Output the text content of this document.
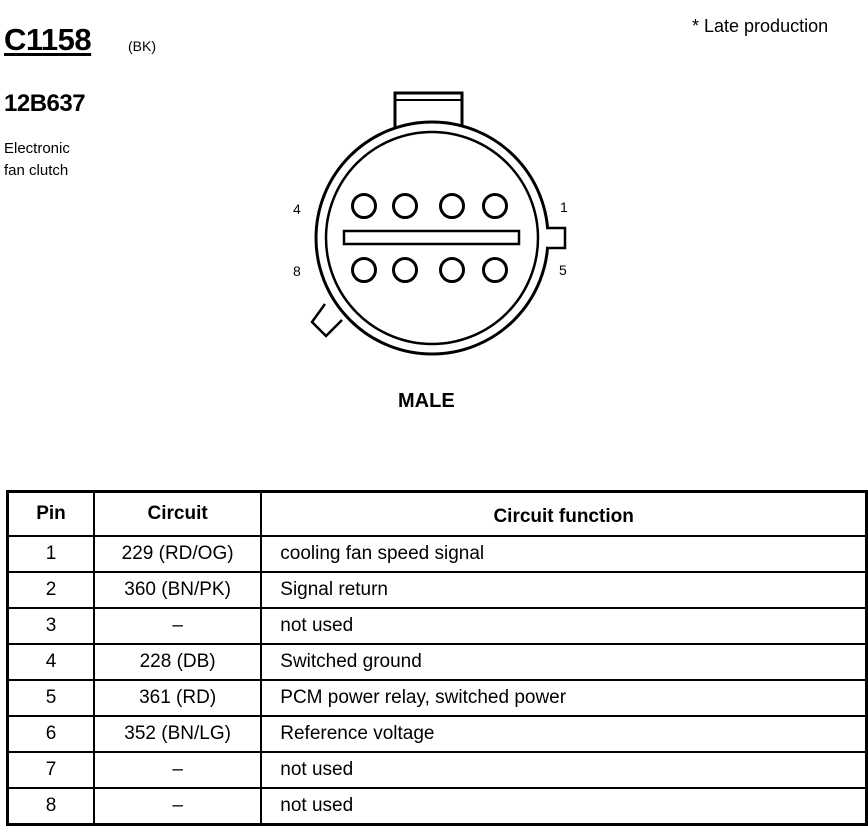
C1158	(BK)
* Late production
12B637
Electronic
fan clutch
4	1
8	5
MALE
Pin	Circuit	Circuit function
1	229 (RD/OG)	cooling fan speed signal
2	360 (BN/PK)	Signal return
3	–	not used
4	228 (DB)	Switched ground
5	361 (RD)	PCM power relay, switched power
6	352 (BN/LG)	Reference voltage
7	–	not used
8	–	not used
